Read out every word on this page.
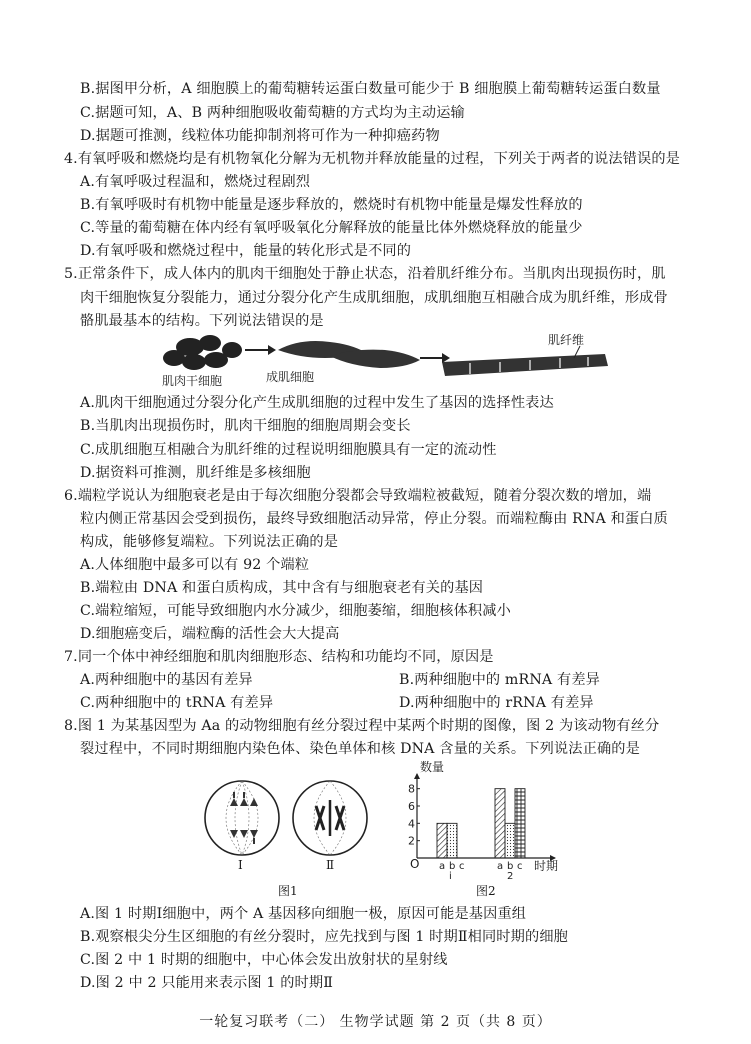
B.据图甲分析，A 细胞膜上的葡萄糖转运蛋白数量可能少于 B 细胞膜上葡萄糖转运蛋白数量
C.据题可知，A、B 两种细胞吸收葡萄糖的方式均为主动运输
D.据题可推测，线粒体功能抑制剂将可作为一种抑癌药物
4.有氧呼吸和燃烧均是有机物氧化分解为无机物并释放能量的过程，下列关于两者的说法错误的是
A.有氧呼吸过程温和，燃烧过程剧烈
B.有氧呼吸时有机物中能量是逐步释放的，燃烧时有机物中能量是爆发性释放的
C.等量的葡萄糖在体内经有氧呼吸氧化分解释放的能量比体外燃烧释放的能量少
D.有氧呼吸和燃烧过程中，能量的转化形式是不同的
5.正常条件下，成人体内的肌肉干细胞处于静止状态，沿着肌纤维分布。当肌肉出现损伤时，肌
肉干细胞恢复分裂能力，通过分裂分化产生成肌细胞，成肌细胞互相融合成为肌纤维，形成骨
骼肌最基本的结构。下列说法错误的是
肌肉干细胞	成肌细胞
肌纤维
A.肌肉干细胞通过分裂分化产生成肌细胞的过程中发生了基因的选择性表达
B.当肌肉出现损伤时，肌肉干细胞的细胞周期会变长
C.成肌细胞互相融合为肌纤维的过程说明细胞膜具有一定的流动性
D.据资料可推测，肌纤维是多核细胞
6.端粒学说认为细胞衰老是由于每次细胞分裂都会导致端粒被截短，随着分裂次数的增加，端
粒内侧正常基因会受到损伤，最终导致细胞活动异常，停止分裂。而端粒酶由 RNA 和蛋白质
构成，能够修复端粒。下列说法正确的是
A.人体细胞中最多可以有 92 个端粒
B.端粒由 DNA 和蛋白质构成，其中含有与细胞衰老有关的基因
C.端粒缩短，可能导致细胞内水分减少，细胞萎缩，细胞核体积减小
D.细胞癌变后，端粒酶的活性会大大提高
7.同一个体中神经细胞和肌肉细胞形态、结构和功能均不同，原因是
A.两种细胞中的基因有差异	B.两种细胞中的 mRNA 有差异
C.两种细胞中的 tRNA 有差异	D.两种细胞中的 rRNA 有差异
8.图 1 为某基因型为 Aa 的动物细胞有丝分裂过程中某两个时期的图像，图 2 为该动物有丝分
裂过程中，不同时期细胞内染色体、染色单体和核 DNA 含量的关系。下列说法正确的是
Ⅰ	Ⅱ
图1
数量
8
6
4
2
a b c
i
a b c
2
时期
O
图2
A.图 1 时期Ⅰ细胞中，两个 A 基因移向细胞一极，原因可能是基因重组
B.观察根尖分生区细胞的有丝分裂时，应先找到与图 1 时期Ⅱ相同时期的细胞
C.图 2 中 1 时期的细胞中，中心体会发出放射状的星射线
D.图 2 中 2 只能用来表示图 1 的时期Ⅱ
一轮复习联考（二） 生物学试题 第 2 页（共 8 页）
